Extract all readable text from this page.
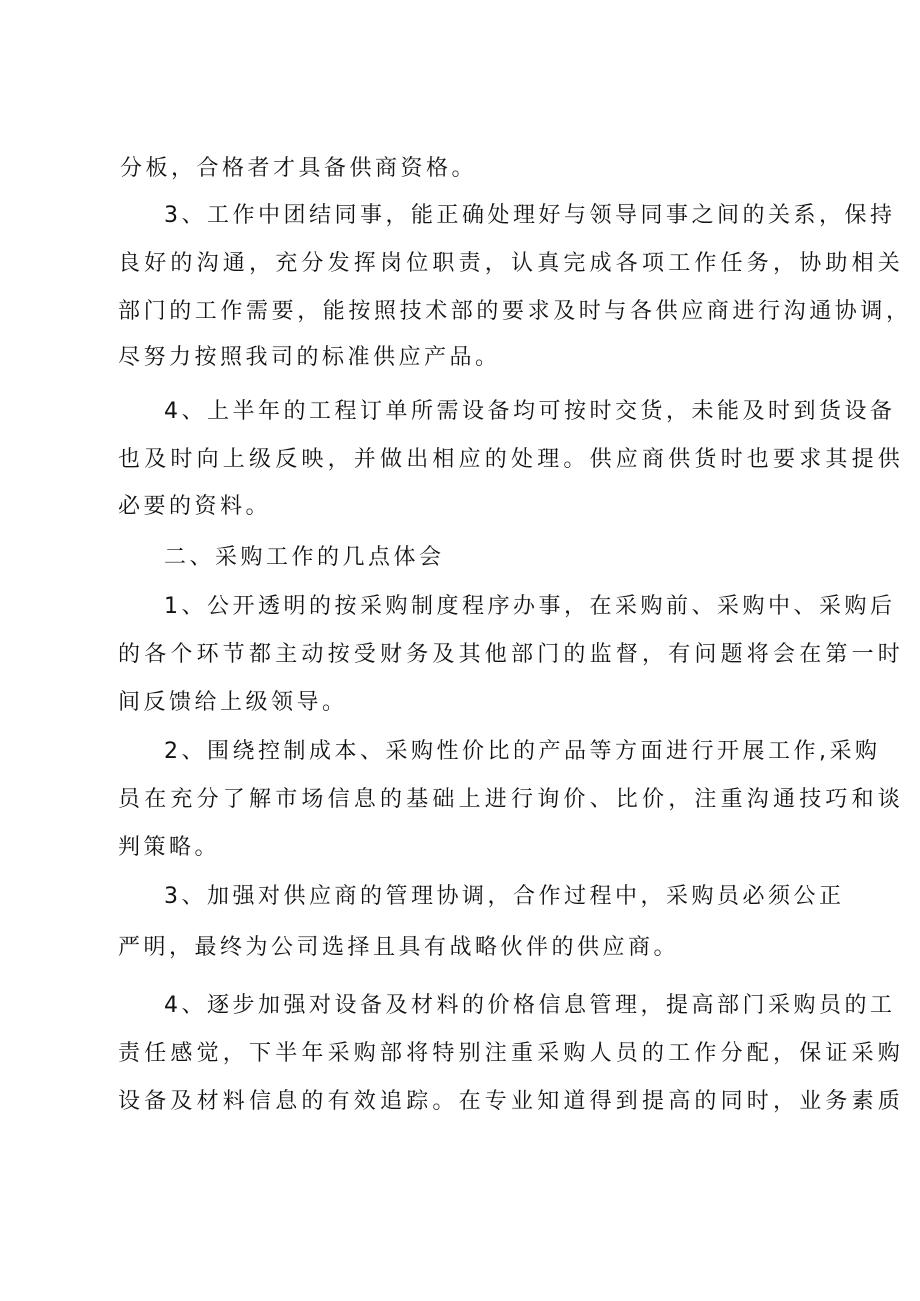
分板，合格者才具备供商资格。
3、工作中团结同事，能正确处理好与领导同事之间的关系，保持
良好的沟通，充分发挥岗位职责，认真完成各项工作任务，协助相关
部门的工作需要，能按照技术部的要求及时与各供应商进行沟通协调，
尽努力按照我司的标准供应产品。
4、上半年的工程订单所需设备均可按时交货，未能及时到货设备
也及时向上级反映，并做出相应的处理。供应商供货时也要求其提供
必要的资料。
二、采购工作的几点体会
1、公开透明的按采购制度程序办事，在采购前、采购中、采购后
的各个环节都主动按受财务及其他部门的监督，有问题将会在第一时
间反馈给上级领导。
2、围绕控制成本、采购性价比的产品等方面进行开展工作,采购
员在充分了解市场信息的基础上进行询价、比价，注重沟通技巧和谈
判策略。
3、加强对供应商的管理协调，合作过程中，采购员必须公正
严明，最终为公司选择且具有战略伙伴的供应商。
4、逐步加强对设备及材料的价格信息管理，提高部门采购员的工
责任感觉，下半年采购部将特别注重采购人员的工作分配，保证采购
设备及材料信息的有效追踪。在专业知道得到提高的同时，业务素质
